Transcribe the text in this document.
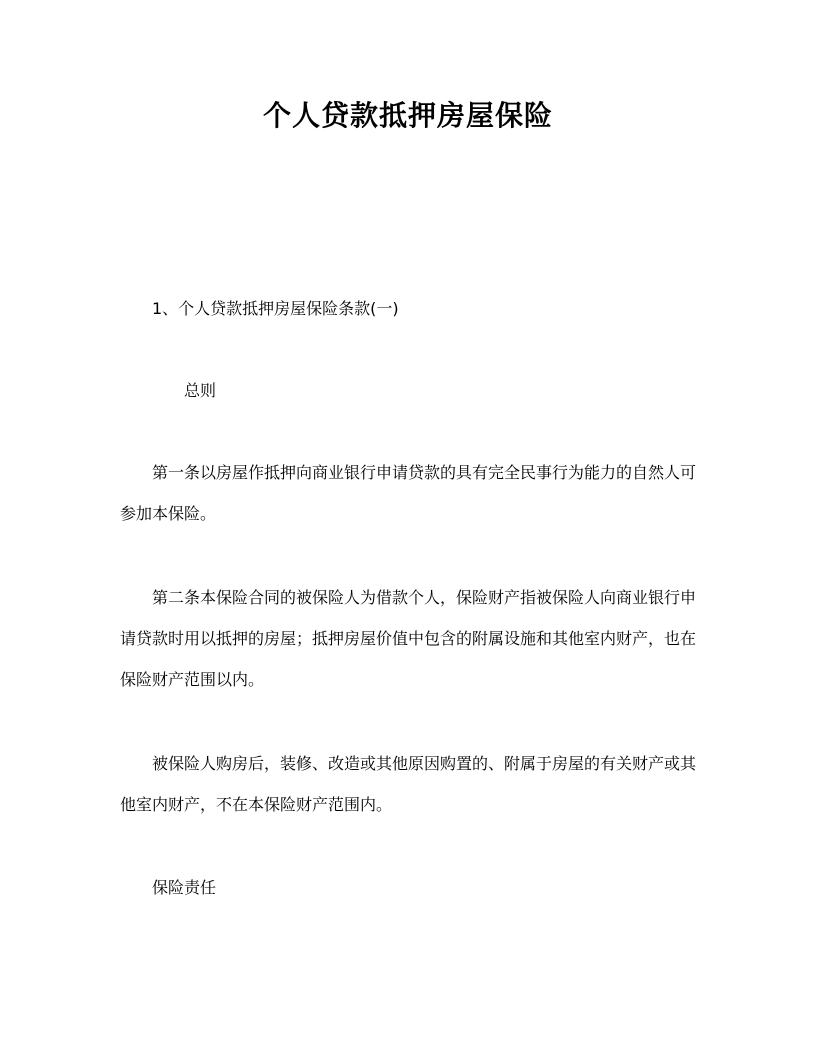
个人贷款抵押房屋保险
1、个人贷款抵押房屋保险条款(一)
总则
第一条以房屋作抵押向商业银行申请贷款的具有完全民事行为能力的自然人可参加本保险。
第二条本保险合同的被保险人为借款个人，保险财产指被保险人向商业银行申请贷款时用以抵押的房屋；抵押房屋价值中包含的附属设施和其他室内财产，也在保险财产范围以内。
被保险人购房后，装修、改造或其他原因购置的、附属于房屋的有关财产或其他室内财产，不在本保险财产范围内。
保险责任
